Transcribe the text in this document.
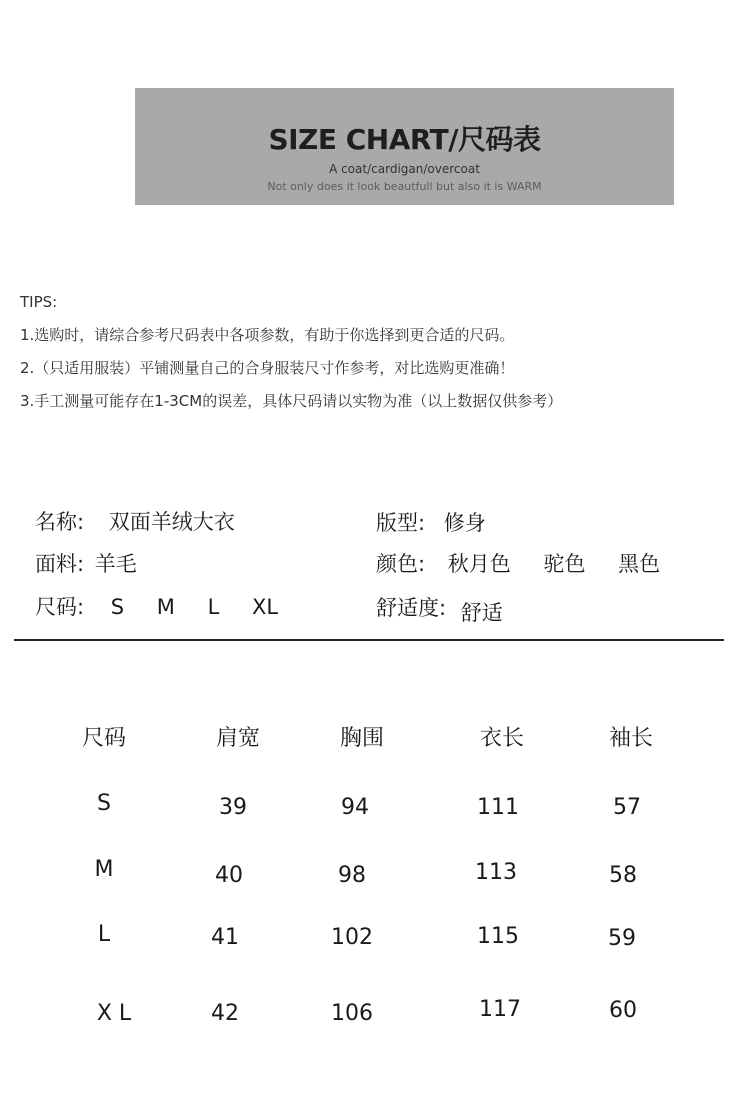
SIZE CHART/尺码表
A coat/cardigan/overcoat
Not only does it look beautfull but also it is WARM
TIPS:
1.选购时，请综合参考尺码表中各项参数，有助于你选择到更合适的尺码。
2.（只适用服装）平铺测量自己的合身服装尺寸作参考，对比选购更准确！
3.手工测量可能存在1-3CM的误差，具体尺码请以实物为准（以上数据仅供参考）
名称: 双面羊绒大衣
面料: 羊毛
尺码: S M L XL
版型: 修身
颜色: 秋月色 驼色 黑色
舒适度: 舒适
尺码	肩宽	胸围	衣长	袖长
S	39	94	111	57
M	40	98	113	58
L	41	102	115	59
X L	42	106	117	60
